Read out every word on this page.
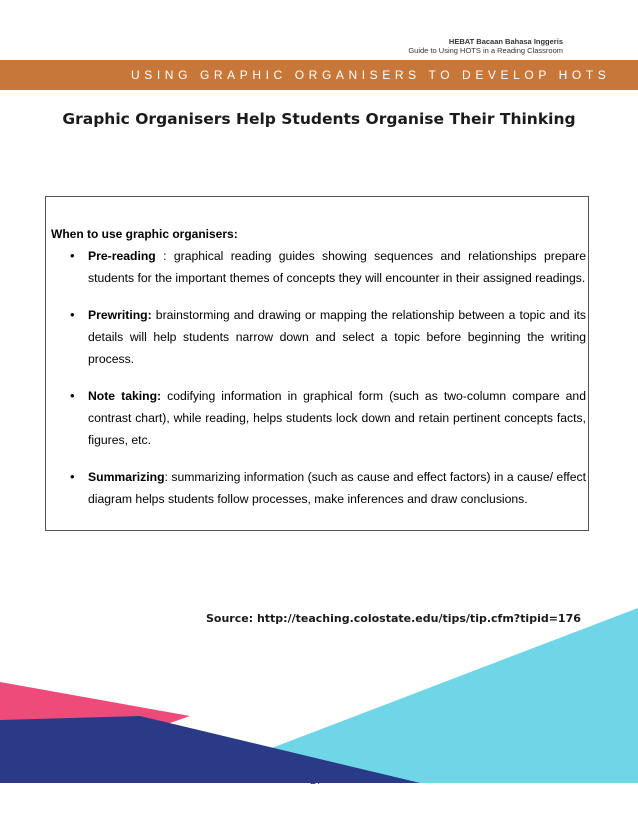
HEBAT Bacaan Bahasa Inggeris
Guide to Using HOTS in a Reading Classroom
USING GRAPHIC ORGANISERS TO DEVELOP HOTS
Graphic Organisers Help Students Organise Their Thinking
When to use graphic organisers:
• Pre-reading : graphical reading guides showing sequences and relationships prepare students for the important themes of concepts they will encounter in their assigned readings.

• Prewriting: brainstorming and drawing or mapping the relationship between a topic and its details will help students narrow down and select a topic before beginning the writing process.

• Note taking: codifying information in graphical form (such as two-column compare and contrast chart), while reading, helps students lock down and retain pertinent concepts facts, figures, etc.

• Summarizing: summarizing information (such as cause and effect factors) in a cause/ effect diagram helps students follow processes, make inferences and draw conclusions.

Source: http://teaching.colostate.edu/tips/tip.cfm?tipid=176
